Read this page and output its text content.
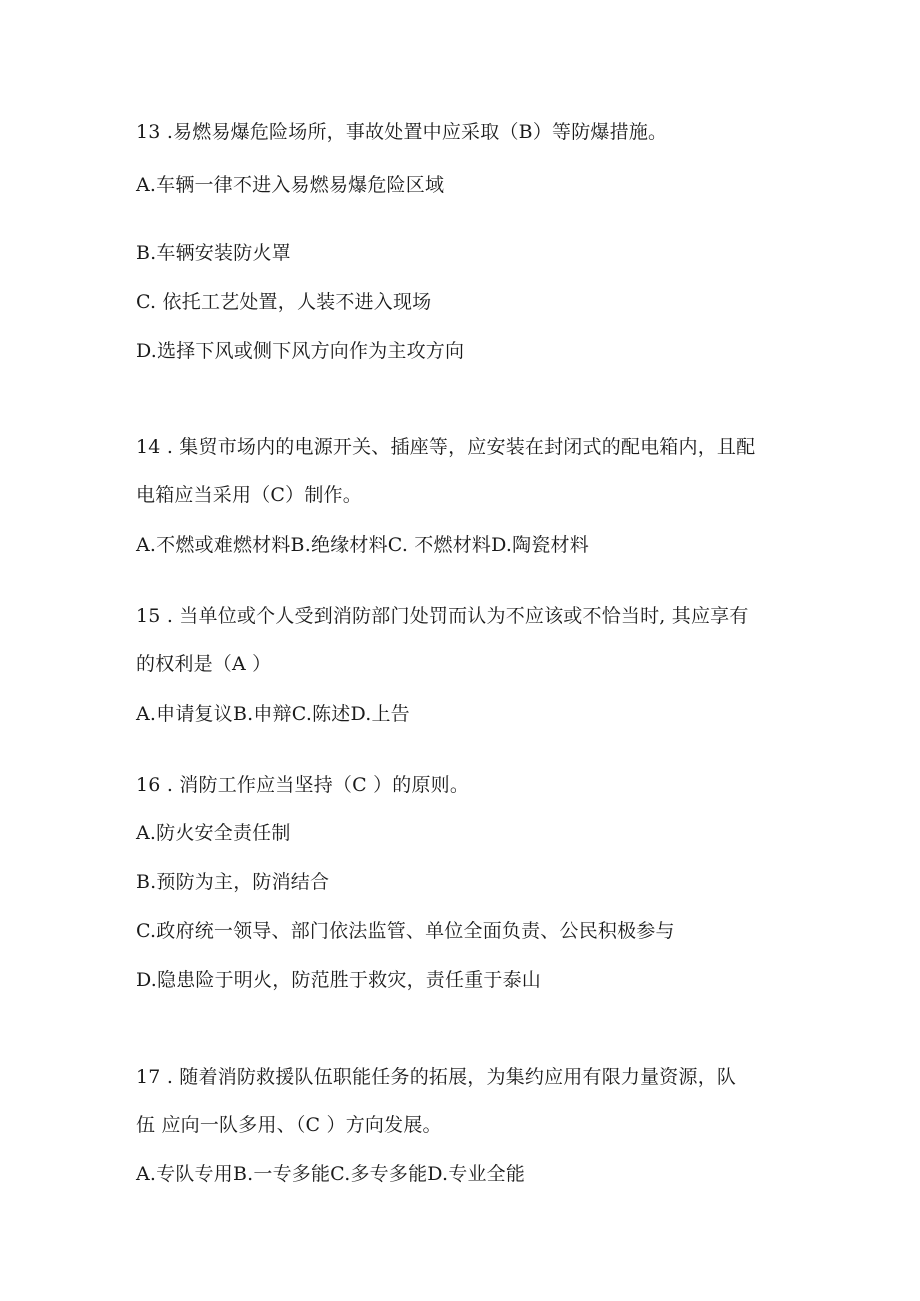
13 .易燃易爆危险场所，事故处置中应采取（B）等防爆措施。
A.车辆一律不进入易燃易爆危险区域
B.车辆安装防火罩
C. 依托工艺处置，人装不进入现场
D.选择下风或侧下风方向作为主攻方向
14 . 集贸市场内的电源开关、插座等，应安装在封闭式的配电箱内，且配
电箱应当采用（C）制作。
A.不燃或难燃材料B.绝缘材料C. 不燃材料D.陶瓷材料
15 . 当单位或个人受到消防部门处罚而认为不应该或不恰当时, 其应享有
的权利是（A ）
A.申请复议B.申辩C.陈述D.上告
16 . 消防工作应当坚持（C ）的原则。
A.防火安全责任制
B.预防为主，防消结合
C.政府统一领导、部门依法监管、单位全面负责、公民积极参与
D.隐患险于明火，防范胜于救灾，责任重于泰山
17 . 随着消防救援队伍职能任务的拓展，为集约应用有限力量资源，队
伍 应向一队多用、（C ）方向发展。
A.专队专用B.一专多能C.多专多能D.专业全能
